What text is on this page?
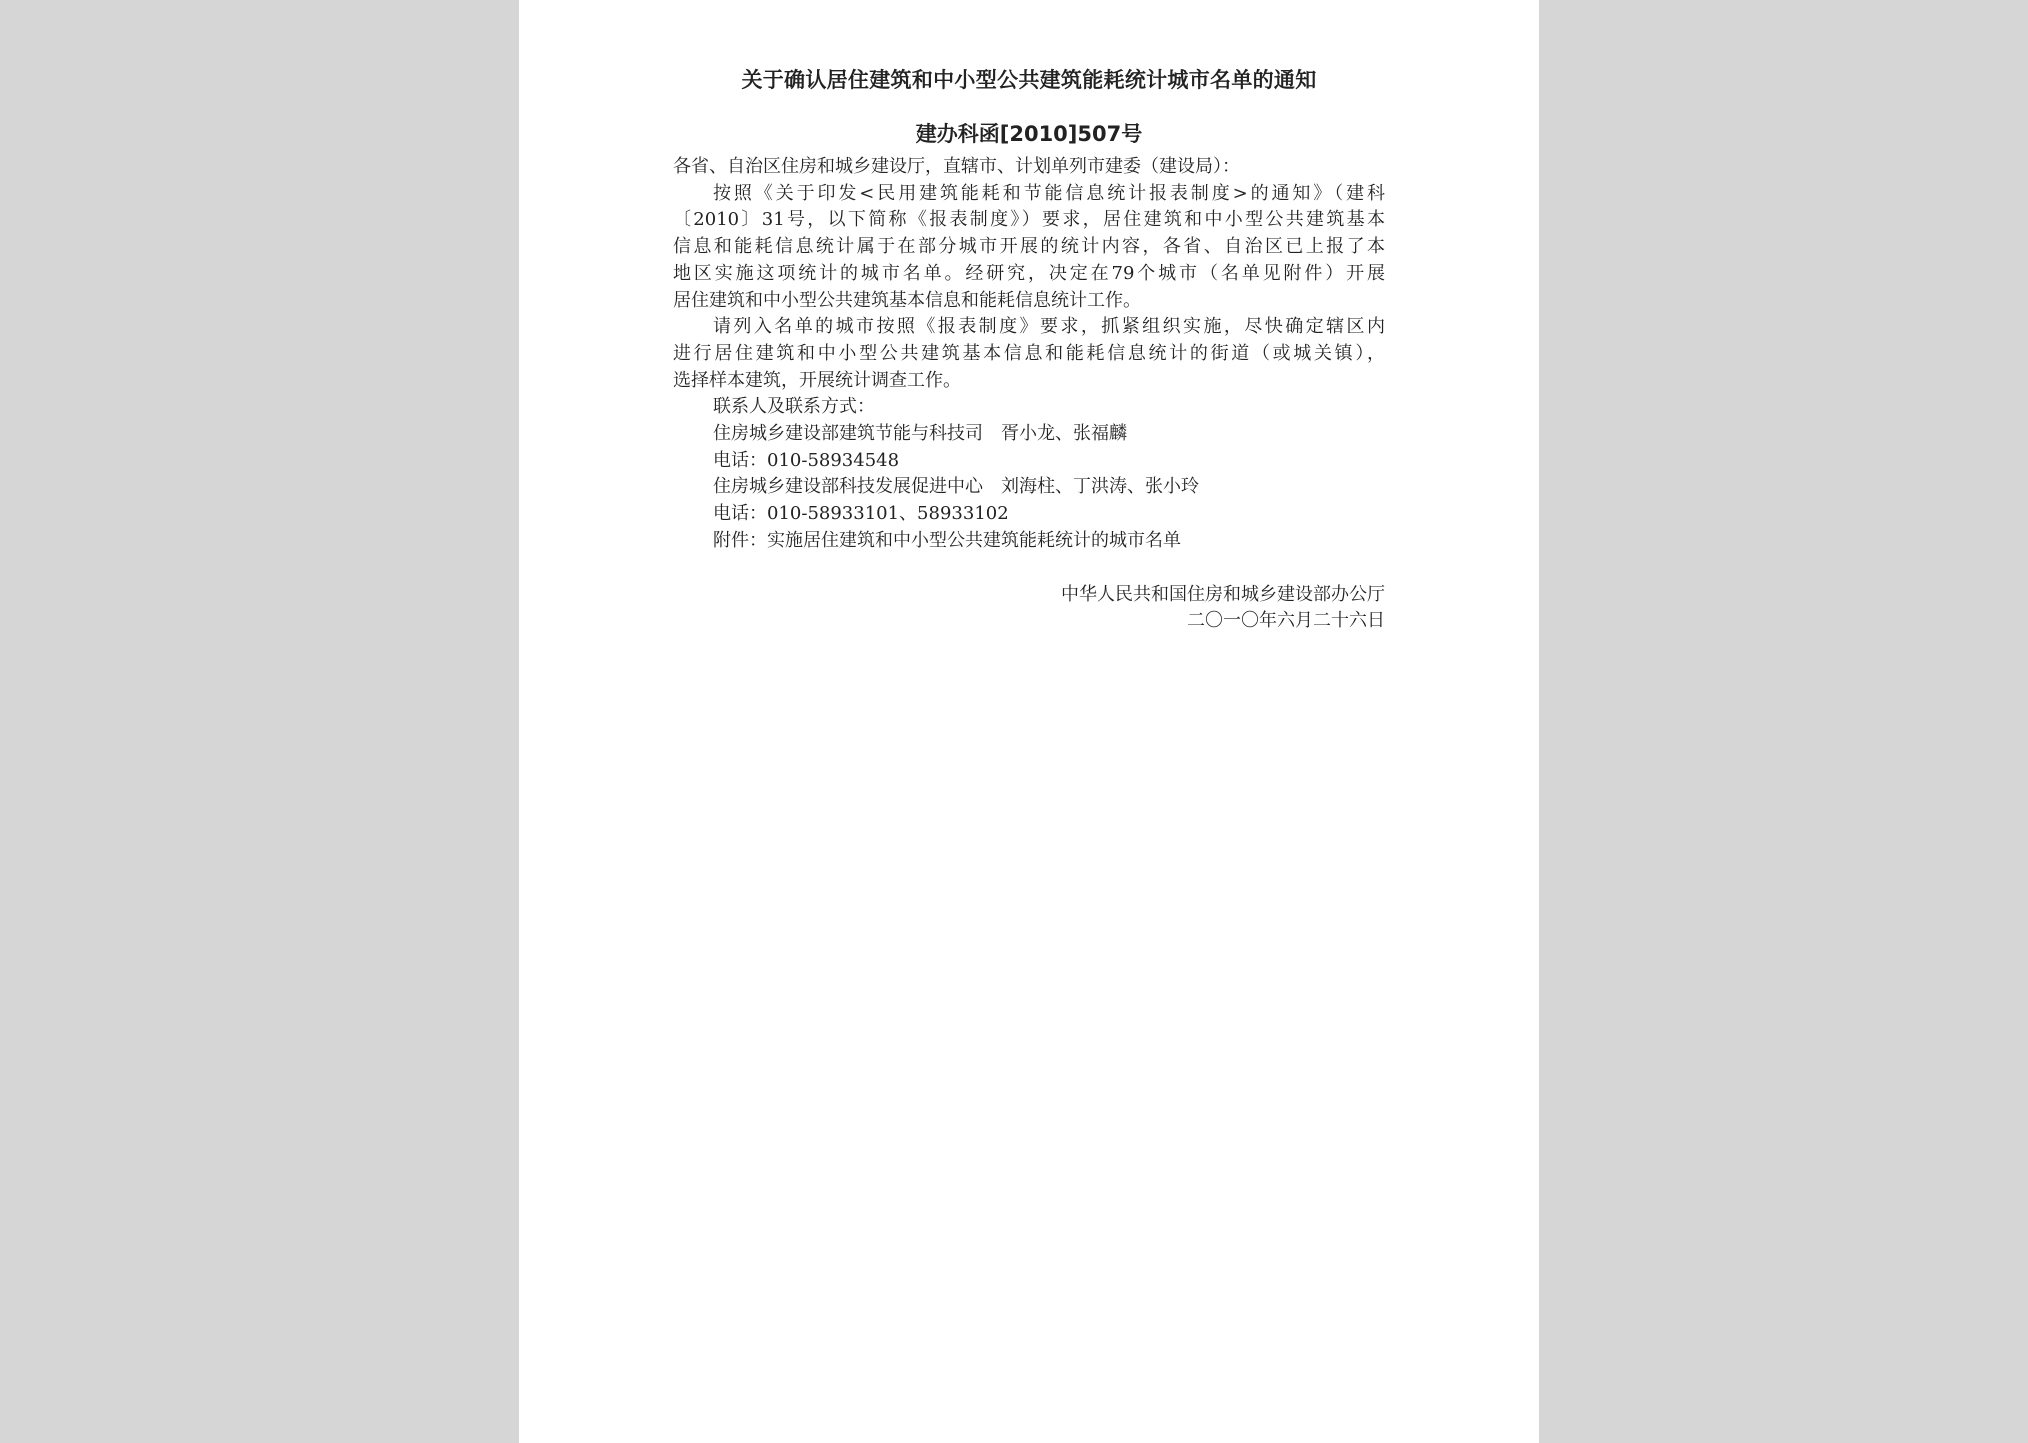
关于确认居住建筑和中小型公共建筑能耗统计城市名单的通知
建办科函[2010]507号
各省、自治区住房和城乡建设厅，直辖市、计划单列市建委（建设局）：
按照《关于印发<民用建筑能耗和节能信息统计报表制度>的通知》（建科
〔2010〕31号，以下简称《报表制度》）要求，居住建筑和中小型公共建筑基本
信息和能耗信息统计属于在部分城市开展的统计内容，各省、自治区已上报了本
地区实施这项统计的城市名单。经研究，决定在79个城市（名单见附件）开展
居住建筑和中小型公共建筑基本信息和能耗信息统计工作。
请列入名单的城市按照《报表制度》要求，抓紧组织实施，尽快确定辖区内
进行居住建筑和中小型公共建筑基本信息和能耗信息统计的街道（或城关镇），
选择样本建筑，开展统计调查工作。
联系人及联系方式：
住房城乡建设部建筑节能与科技司　胥小龙、张福麟
电话：010-58934548
住房城乡建设部科技发展促进中心　刘海柱、丁洪涛、张小玲
电话：010-58933101、58933102
附件：实施居住建筑和中小型公共建筑能耗统计的城市名单
中华人民共和国住房和城乡建设部办公厅
二〇一〇年六月二十六日
